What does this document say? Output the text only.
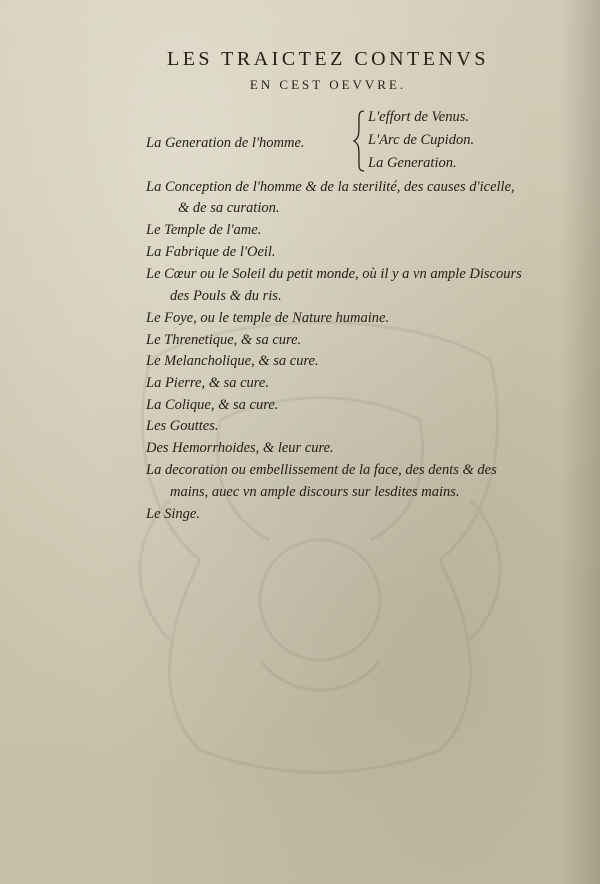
LES TRAICTEZ CONTENVS
EN CEST OEVVRE.
L'effort de Venus.
La Generation de l'homme.	L'Arc de Cupidon.
La Generation.
La Conception de l'homme & de la sterilité, des causes d'icelle,
& de sa curation.
Le Temple de l'ame.
La Fabrique de l'Oeil.
Le Cœur ou le Soleil du petit monde, où il y a vn ample Discours
des Pouls & du ris.
Le Foye, ou le temple de Nature humaine.
Le Threnetique, & sa cure.
Le Melancholique, & sa cure.
La Pierre, & sa cure.
La Colique, & sa cure.
Les Gouttes.
Des Hemorrhoides, & leur cure.
La decoration ou embellissement de la face, des dents & des
mains, auec vn ample discours sur lesdites mains.
Le Singe.
